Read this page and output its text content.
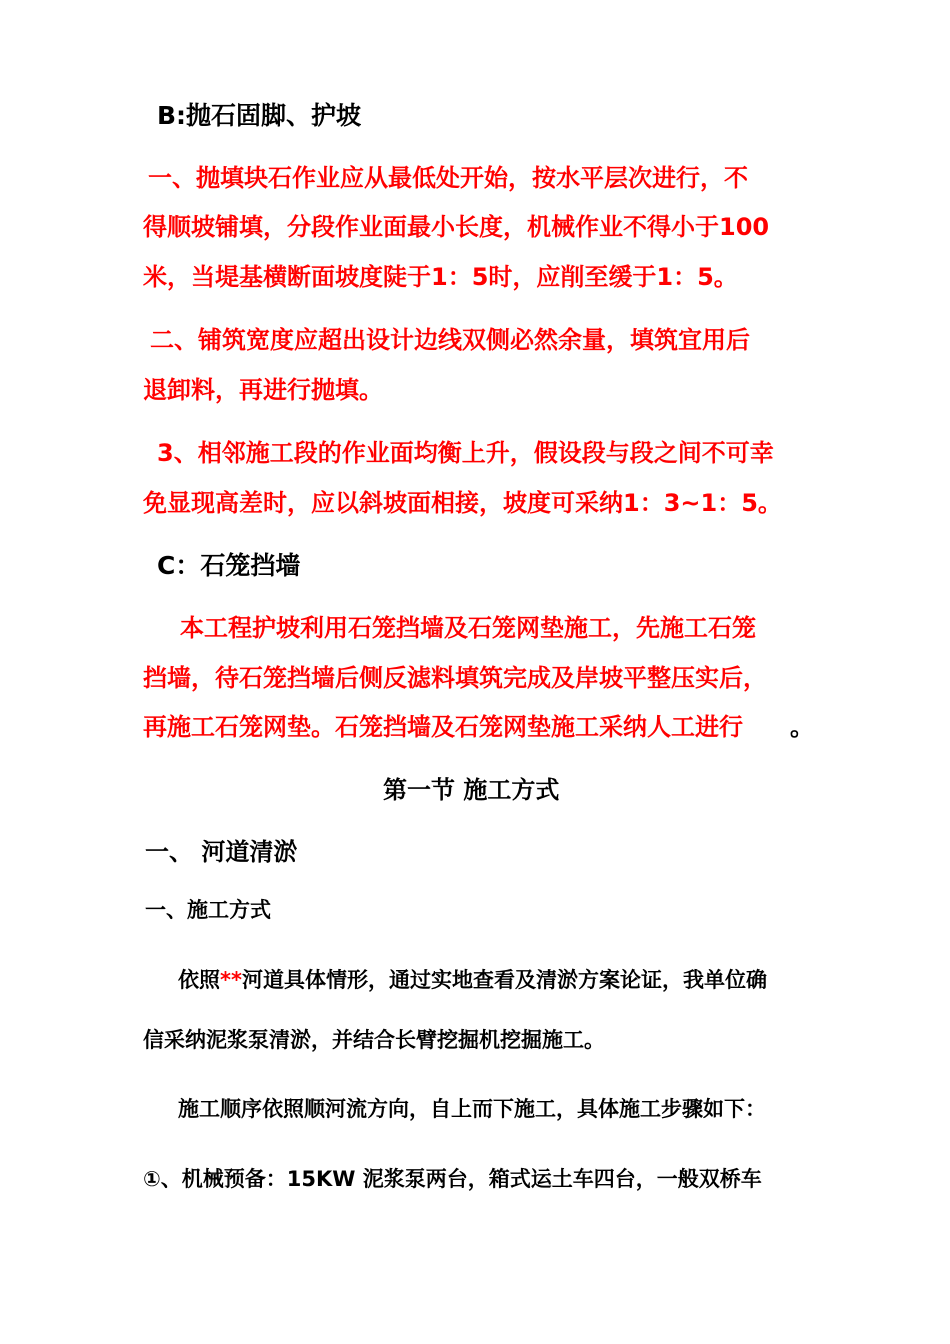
B:抛石固脚、护坡
一、抛填块石作业应从最低处开始，按水平层次进行，不
得顺坡铺填，分段作业面最小长度，机械作业不得小于100
米，当堤基横断面坡度陡于1：5时，应削至缓于1：5。
二、铺筑宽度应超出设计边线双侧必然余量，填筑宜用后
退卸料，再进行抛填。
3、相邻施工段的作业面均衡上升，假设段与段之间不可幸
免显现高差时，应以斜坡面相接，坡度可采纳1：3~1：5。
C：石笼挡墙
本工程护坡利用石笼挡墙及石笼网垫施工，先施工石笼
挡墙，待石笼挡墙后侧反滤料填筑完成及岸坡平整压实后，
再施工石笼网垫。石笼挡墙及石笼网垫施工采纳人工进行 。
第一节 施工方式
一、 河道清淤
一、施工方式
依照**河道具体情形，通过实地查看及清淤方案论证，我单位确
信采纳泥浆泵清淤，并结合长臂挖掘机挖掘施工。
施工顺序依照顺河流方向，自上而下施工，具体施工步骤如下：
①、机械预备：15KW 泥浆泵两台，箱式运土车四台，一般双桥车
